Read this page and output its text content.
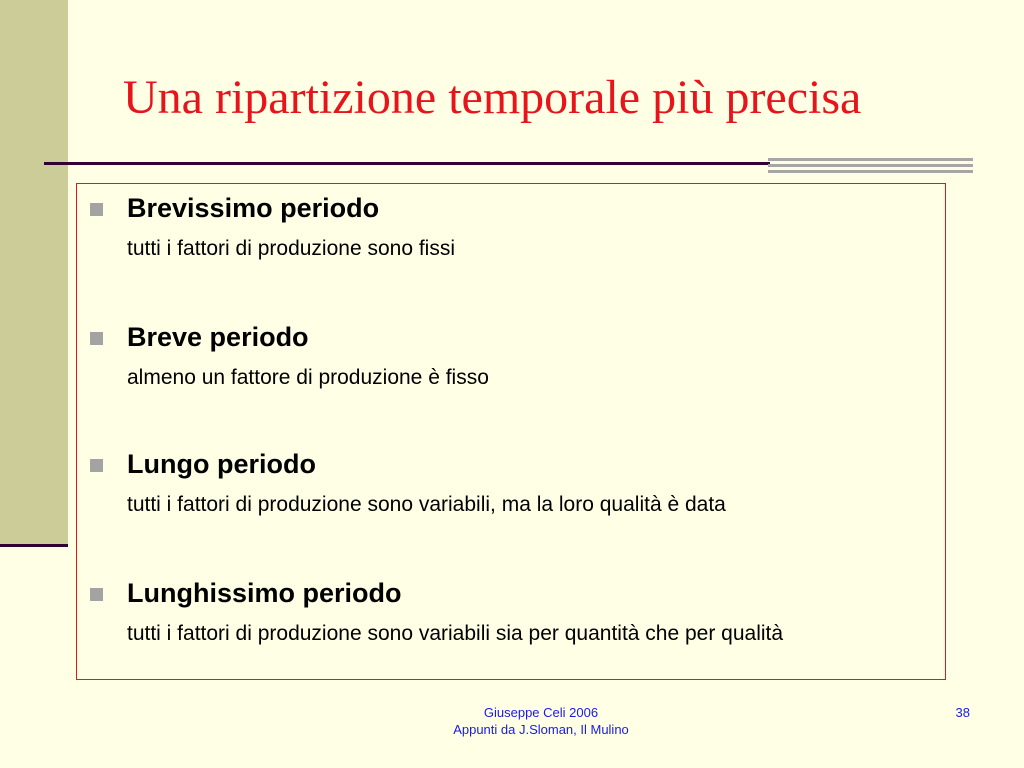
Una ripartizione temporale più precisa

Brevissimo periodo

tutti i fattori di produzione sono fissi

Breve periodo

almeno un fattore di produzione è fisso

Lungo periodo

tutti i fattori di produzione sono variabili, ma la loro qualità è data

Lunghissimo periodo

tutti i fattori di produzione sono variabili sia per quantità che per qualità

Giuseppe Celi 2006
Appunti da J.Sloman, Il Mulino
38
